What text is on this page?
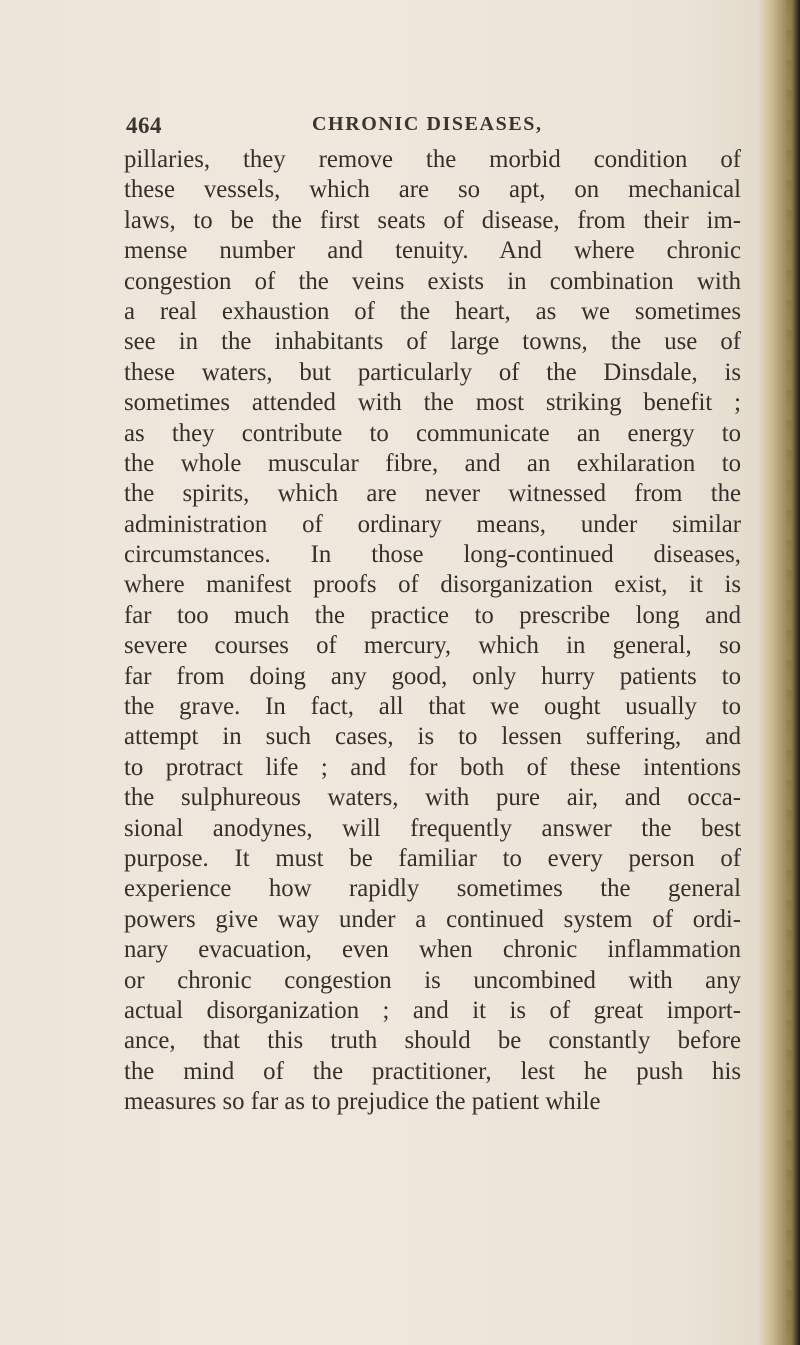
464	CHRONIC DISEASES,
pillaries, they remove the morbid condition of
these vessels, which are so apt, on mechanical
laws, to be the first seats of disease, from their im-
mense number and tenuity. And where chronic
congestion of the veins exists in combination with
a real exhaustion of the heart, as we sometimes
see in the inhabitants of large towns, the use of
these waters, but particularly of the Dinsdale, is
sometimes attended with the most striking benefit ;
as they contribute to communicate an energy to
the whole muscular fibre, and an exhilaration to
the spirits, which are never witnessed from the
administration of ordinary means, under similar
circumstances. In those long-continued diseases,
where manifest proofs of disorganization exist, it is
far too much the practice to prescribe long and
severe courses of mercury, which in general, so
far from doing any good, only hurry patients to
the grave. In fact, all that we ought usually to
attempt in such cases, is to lessen suffering, and
to protract life ; and for both of these intentions
the sulphureous waters, with pure air, and occa-
sional anodynes, will frequently answer the best
purpose. It must be familiar to every person of
experience how rapidly sometimes the general
powers give way under a continued system of ordi-
nary evacuation, even when chronic inflammation
or chronic congestion is uncombined with any
actual disorganization ; and it is of great import-
ance, that this truth should be constantly before
the mind of the practitioner, lest he push his
measures so far as to prejudice the patient while
